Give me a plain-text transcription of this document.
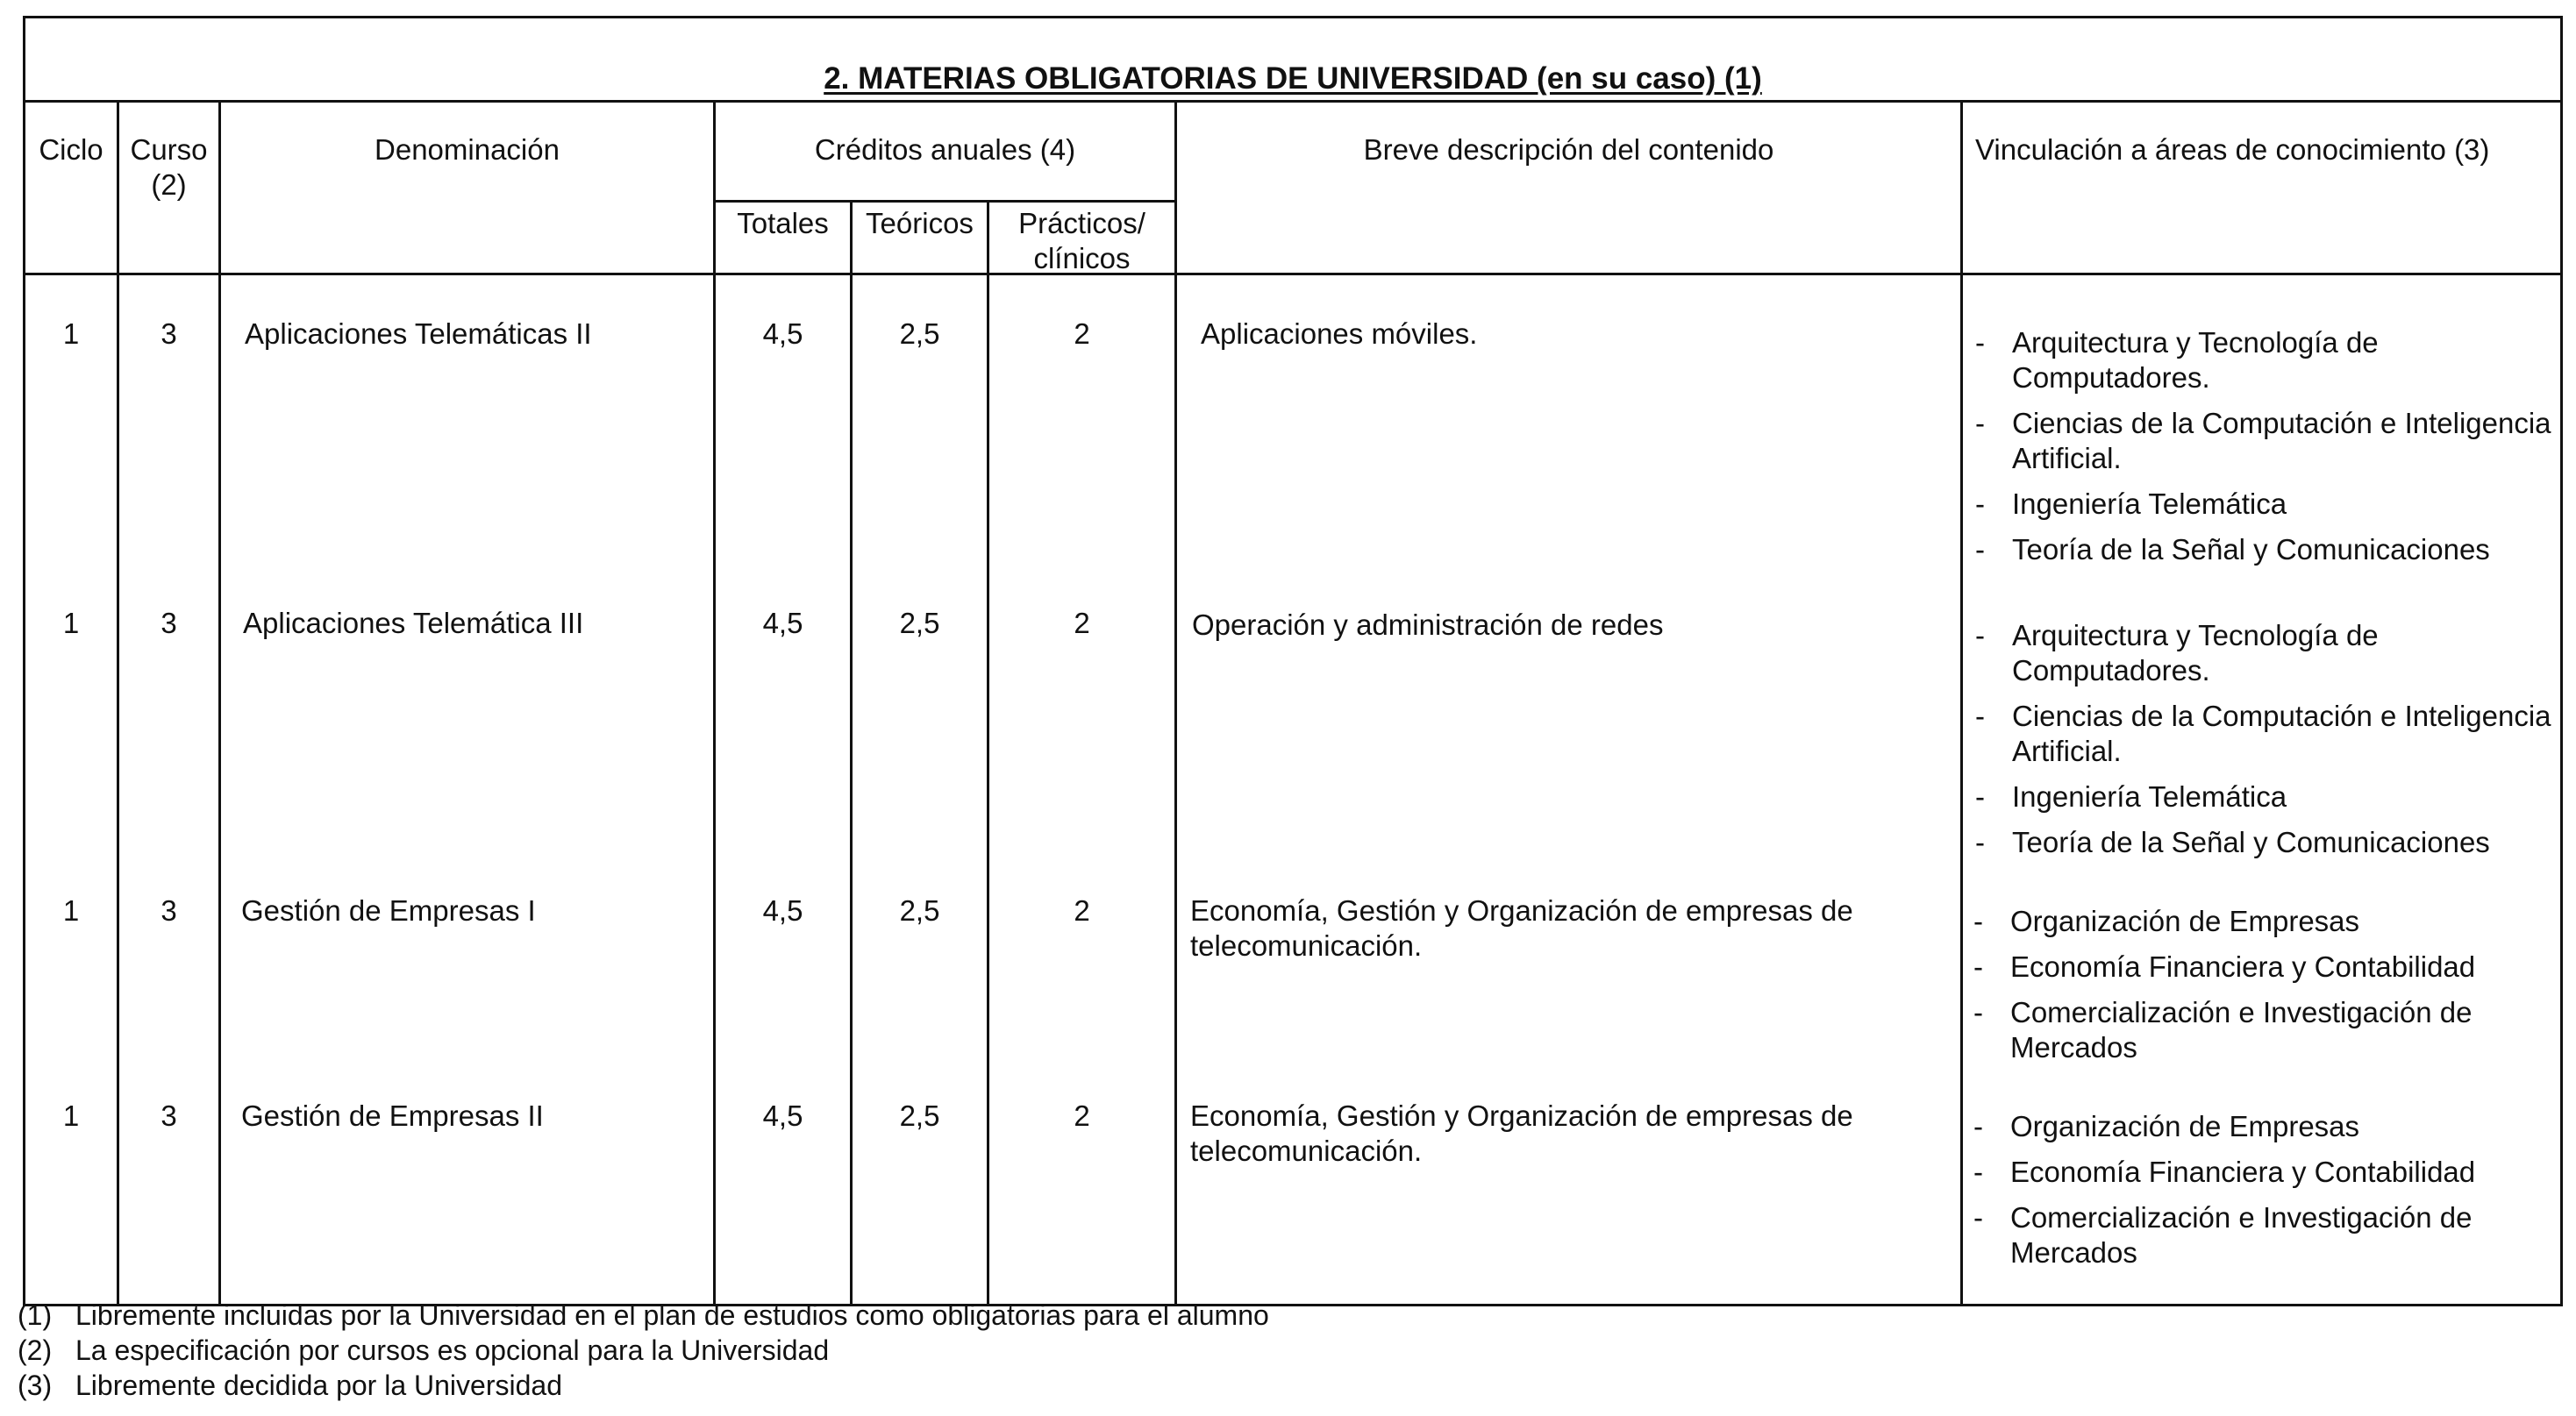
2. MATERIAS OBLIGATORIAS DE UNIVERSIDAD (en su caso) (1)
Ciclo Curso
(2)
Denominación	Créditos anuales (4)
Totales	Teóricos	Prácticos/
clínicos
Breve descripción del contenido	Vinculación a áreas de conocimiento (3)
1	3	Aplicaciones Telemáticas II	4,5	2,5	2	Aplicaciones móviles.	- Arquitectura y Tecnología de Computadores.
- Ciencias de la Computación e Inteligencia Artificial.
- Ingeniería Telemática
- Teoría de la Señal y Comunicaciones
1	3	Aplicaciones Telemática III	4,5	2,5	2	Operación y administración de redes	- Arquitectura y Tecnología de Computadores.
- Ciencias de la Computación e Inteligencia Artificial.
- Ingeniería Telemática
- Teoría de la Señal y Comunicaciones
1	3	Gestión de Empresas I	4,5	2,5	2	Economía, Gestión y Organización de empresas de telecomunicación.
- Organización de Empresas
- Economía Financiera y Contabilidad
- Comercialización e Investigación de Mercados
1	3	Gestión de Empresas II	4,5	2,5	2	Economía, Gestión y Organización de empresas de telecomunicación.
- Organización de Empresas
- Economía Financiera y Contabilidad
- Comercialización e Investigación de Mercados
(1) Libremente incluidas por la Universidad en el plan de estudios como obligatorias para el alumno
(2) La especificación por cursos es opcional para la Universidad
(3) Libremente decidida por la Universidad
